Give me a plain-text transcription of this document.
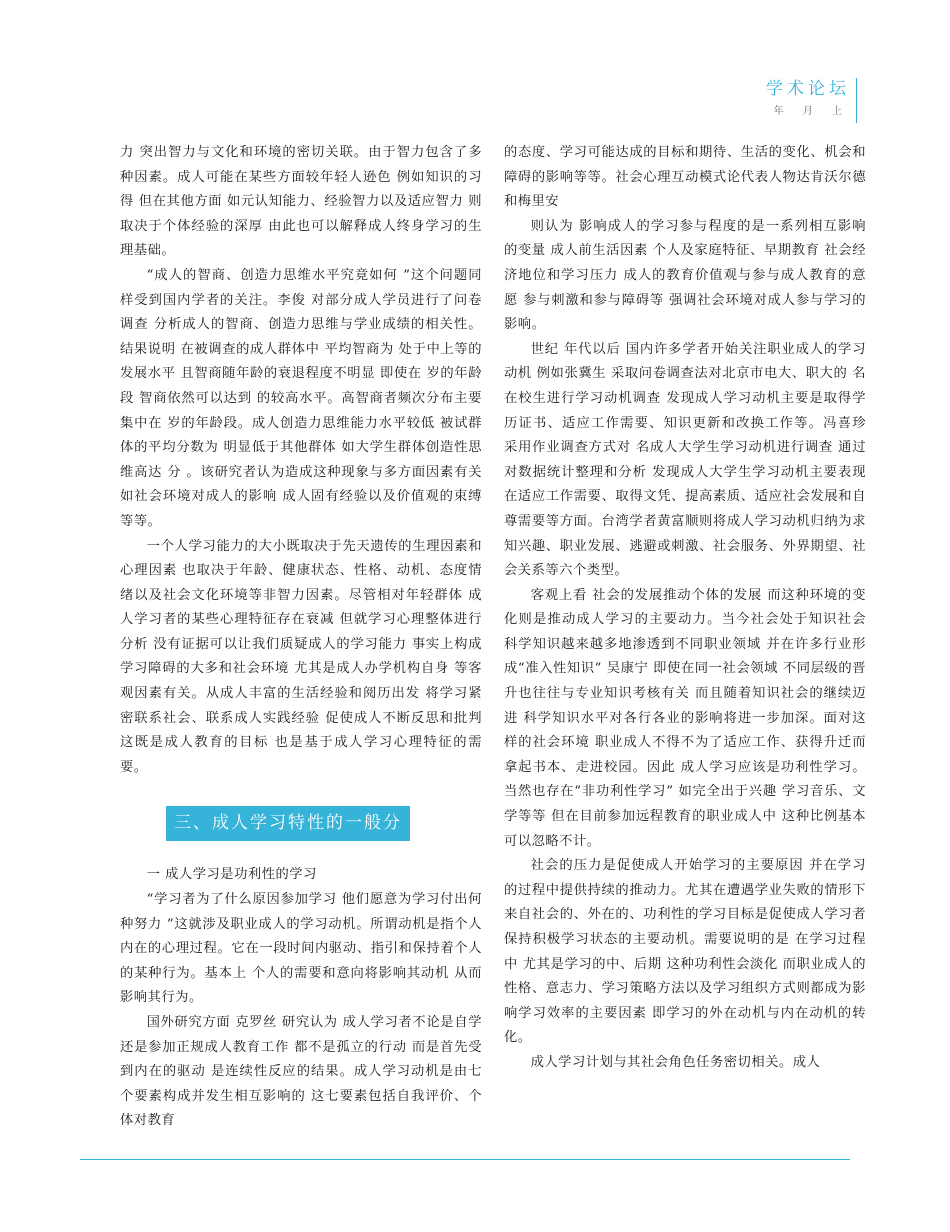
学术论坛
年 月 上

力 突出智力与文化和环境的密切关联。由于智力包含了多种因素。成人可能在某些方面较年轻人逊色 例如知识的习得 但在其他方面 如元认知能力、经验智力以及适应智力 则取决于个体经验的深厚 由此也可以解释成人终身学习的生理基础。

“成人的智商、创造力思维水平究竟如何 ”这个问题同样受到国内学者的关注。李俊 对部分成人学员进行了问卷调查 分析成人的智商、创造力思维与学业成绩的相关性。结果说明 在被调查的成人群体中 平均智商为 处于中上等的发展水平 且智商随年龄的衰退程度不明显 即使在 岁的年龄段 智商依然可以达到 的较高水平。高智商者频次分布主要集中在 岁的年龄段。成人创造力思维能力水平较低 被试群体的平均分数为 明显低于其他群体 如大学生群体创造性思维高达 分 。该研究者认为造成这种现象与多方面因素有关 如社会环境对成人的影响 成人固有经验以及价值观的束缚等等。

一个人学习能力的大小既取决于先天遗传的生理因素和心理因素 也取决于年龄、健康状态、性格、动机、态度情绪以及社会文化环境等非智力因素。尽管相对年轻群体 成人学习者的某些心理特征存在衰减 但就学习心理整体进行分析 没有证据可以让我们质疑成人的学习能力 事实上构成学习障碍的大多和社会环境 尤其是成人办学机构自身 等客观因素有关。从成人丰富的生活经验和阅历出发 将学习紧密联系社会、联系成人实践经验 促使成人不断反思和批判 这既是成人教育的目标 也是基于成人学习心理特征的需要。

三、成人学习特性的一般分析

一 成人学习是功利性的学习

“学习者为了什么原因参加学习 他们愿意为学习付出何种努力 ”这就涉及职业成人的学习动机。所谓动机是指个人内在的心理过程。它在一段时间内驱动、指引和保持着个人的某种行为。基本上 个人的需要和意向将影响其动机 从而影响其行为。

国外研究方面 克罗丝 研究认为 成人学习者不论是自学还是参加正规成人教育工作 都不是孤立的行动 而是首先受到内在的驱动 是连续性反应的结果。成人学习动机是由七个要素构成并发生相互影响的 这七要素包括自我评价、个体对教育

的态度、学习可能达成的目标和期待、生活的变化、机会和障碍的影响等等。社会心理互动模式论代表人物达肯沃尔德和梅里安

则认为 影响成人的学习参与程度的是一系列相互影响的变量 成人前生活因素 个人及家庭特征、早期教育 社会经济地位和学习压力 成人的教育价值观与参与成人教育的意愿 参与刺激和参与障碍等 强调社会环境对成人参与学习的影响。

世纪 年代以后 国内许多学者开始关注职业成人的学习动机 例如张冀生 采取问卷调查法对北京市电大、职大的 名在校生进行学习动机调查 发现成人学习动机主要是取得学历证书、适应工作需要、知识更新和改换工作等。冯喜珍 采用作业调查方式对 名成人大学生学习动机进行调查 通过对数据统计整理和分析 发现成人大学生学习动机主要表现在适应工作需要、取得文凭、提高素质、适应社会发展和自尊需要等方面。台湾学者黄富顺则将成人学习动机归纳为求知兴趣、职业发展、逃避或刺激、社会服务、外界期望、社会关系等六个类型。

客观上看 社会的发展推动个体的发展 而这种环境的变化则是推动成人学习的主要动力。当今社会处于知识社会 科学知识越来越多地渗透到不同职业领域 并在许多行业形成“准入性知识” 吴康宁 即使在同一社会领域 不同层级的晋升也往往与专业知识考核有关 而且随着知识社会的继续迈进 科学知识水平对各行各业的影响将进一步加深。面对这样的社会环境 职业成人不得不为了适应工作、获得升迁而拿起书本、走进校园。因此 成人学习应该是功利性学习。当然也存在“非功利性学习” 如完全出于兴趣 学习音乐、文学等等 但在目前参加远程教育的职业成人中 这种比例基本可以忽略不计。

社会的压力是促使成人开始学习的主要原因 并在学习的过程中提供持续的推动力。尤其在遭遇学业失败的情形下 来自社会的、外在的、功利性的学习目标是促使成人学习者保持积极学习状态的主要动机。需要说明的是 在学习过程中 尤其是学习的中、后期 这种功利性会淡化 而职业成人的性格、意志力、学习策略方法以及学习组织方式则都成为影响学习效率的主要因素 即学习的外在动机与内在动机的转化。

成人学习计划与其社会角色任务密切相关。成人
